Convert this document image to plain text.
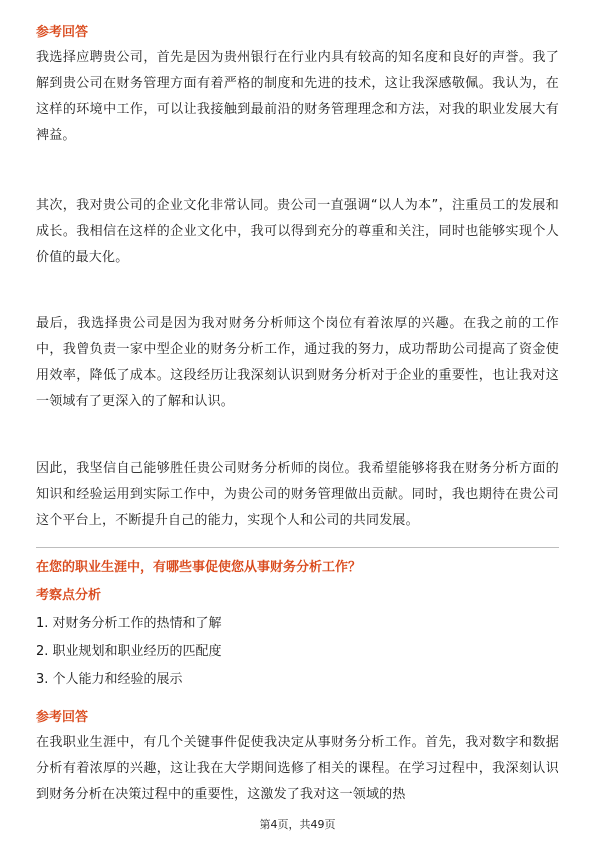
参考回答

我选择应聘贵公司，首先是因为贵州银行在行业内具有较高的知名度和良好的声誉。我了解到贵公司在财务管理方面有着严格的制度和先进的技术，这让我深感敬佩。我认为，在这样的环境中工作，可以让我接触到最前沿的财务管理理念和方法，对我的职业发展大有裨益。

其次，我对贵公司的企业文化非常认同。贵公司一直强调“以人为本”，注重员工的发展和成长。我相信在这样的企业文化中，我可以得到充分的尊重和关注，同时也能够实现个人价值的最大化。

最后，我选择贵公司是因为我对财务分析师这个岗位有着浓厚的兴趣。在我之前的工作中，我曾负责一家中型企业的财务分析工作，通过我的努力，成功帮助公司提高了资金使用效率，降低了成本。这段经历让我深刻认识到财务分析对于企业的重要性，也让我对这一领域有了更深入的了解和认识。

因此，我坚信自己能够胜任贵公司财务分析师的岗位。我希望能够将我在财务分析方面的知识和经验运用到实际工作中，为贵公司的财务管理做出贡献。同时，我也期待在贵公司这个平台上，不断提升自己的能力，实现个人和公司的共同发展。

在您的职业生涯中，有哪些事促使您从事财务分析工作？
考察点分析
1. 对财务分析工作的热情和了解
2. 职业规划和职业经历的匹配度
3. 个人能力和经验的展示
参考回答

在我职业生涯中，有几个关键事件促使我决定从事财务分析工作。首先，我对数字和数据分析有着浓厚的兴趣，这让我在大学期间选修了相关的课程。在学习过程中，我深刻认识到财务分析在决策过程中的重要性，这激发了我对这一领域的热

第4页，共49页
